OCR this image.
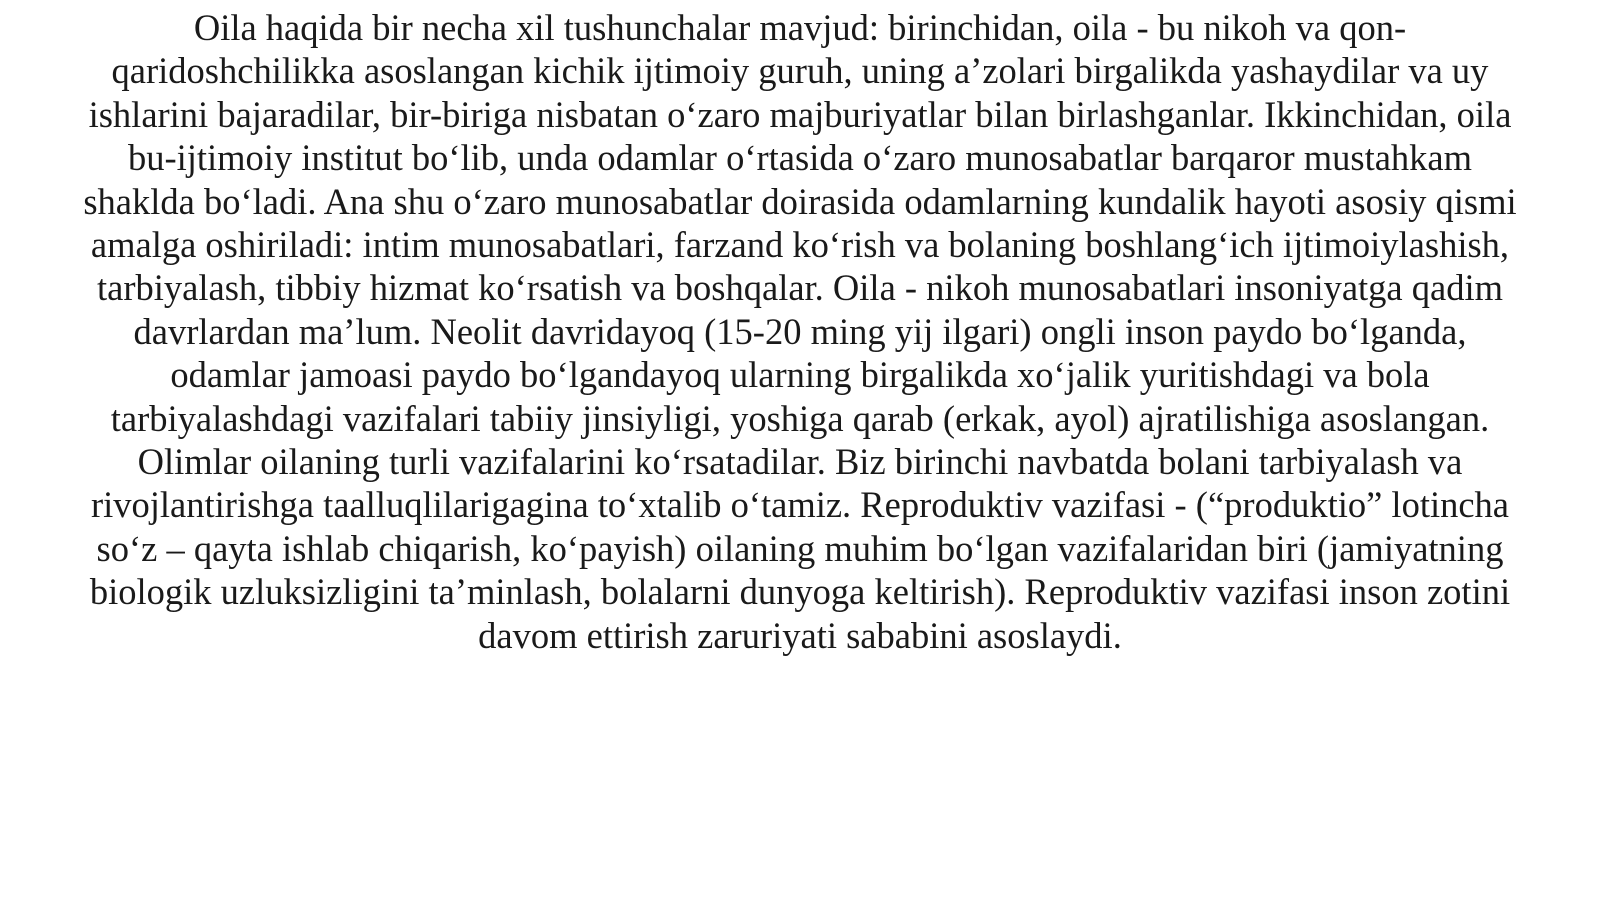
Oila haqida bir necha xil tushunchalar mavjud: birinchidan, oila - bu nikoh va qon-
qaridoshchilikka asoslangan kichik ijtimoiy guruh, uning a’zolari birgalikda yashaydilar va uy
ishlarini bajaradilar, bir-biriga nisbatan o‘zaro majburiyatlar bilan birlashganlar. Ikkinchidan, oila
bu-ijtimoiy institut bo‘lib, unda odamlar o‘rtasida o‘zaro munosabatlar barqaror mustahkam
shaklda bo‘ladi. Ana shu o‘zaro munosabatlar doirasida odamlarning kundalik hayoti asosiy qismi
amalga oshiriladi: intim munosabatlari, farzand ko‘rish va bolaning boshlang‘ich ijtimoiylashish,
tarbiyalash, tibbiy hizmat ko‘rsatish va boshqalar. Oila - nikoh munosabatlari insoniyatga qadim
davrlardan ma’lum. Neolit davridayoq (15-20 ming yij ilgari) ongli inson paydo bo‘lganda,
odamlar jamoasi paydo bo‘lgandayoq ularning birgalikda xo‘jalik yuritishdagi va bola
tarbiyalashdagi vazifalari tabiiy jinsiyligi, yoshiga qarab (erkak, ayol) ajratilishiga asoslangan.
Olimlar oilaning turli vazifalarini ko‘rsatadilar. Biz birinchi navbatda bolani tarbiyalash va
rivojlantirishga taalluqlilarigagina to‘xtalib o‘tamiz. Reproduktiv vazifasi - (“produktio” lotincha
so‘z – qayta ishlab chiqarish, ko‘payish) oilaning muhim bo‘lgan vazifalaridan biri (jamiyatning
biologik uzluksizligini ta’minlash, bolalarni dunyoga keltirish). Reproduktiv vazifasi inson zotini
davom ettirish zaruriyati sababini asoslaydi.
